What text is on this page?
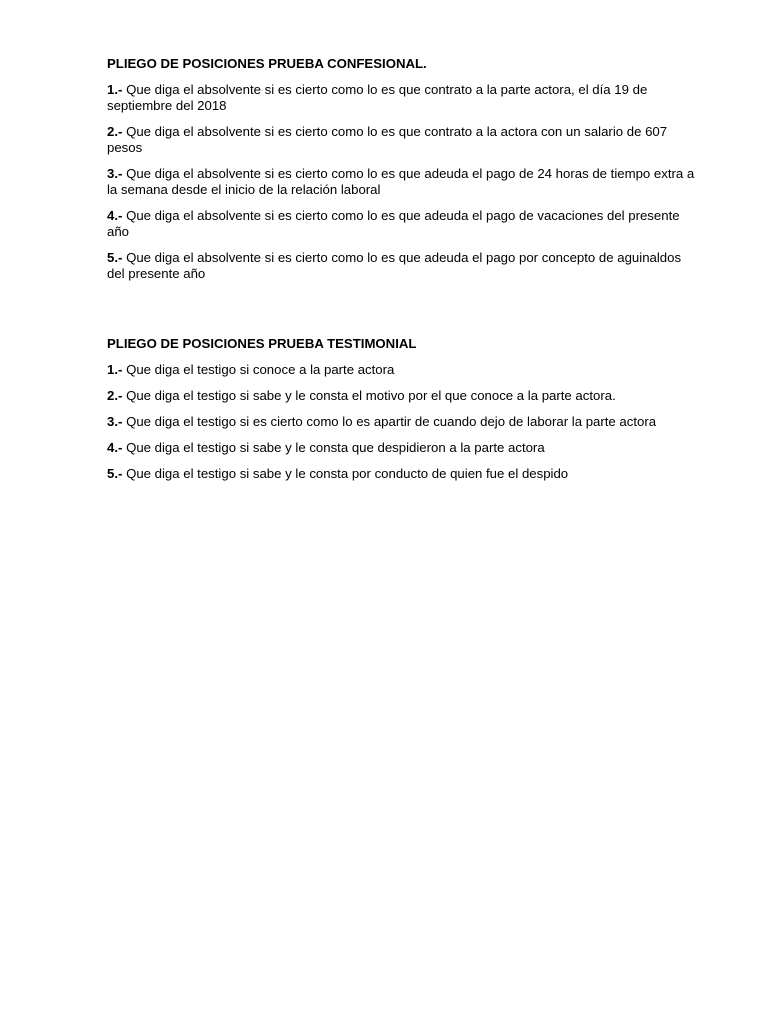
PLIEGO DE POSICIONES PRUEBA CONFESIONAL.

1.- Que diga el absolvente si es cierto como lo es que contrato a la parte actora, el día 19 de septiembre del 2018

2.- Que diga el absolvente si es cierto como lo es que contrato a la actora con un salario de 607 pesos

3.- Que diga el absolvente si es cierto como lo es que adeuda el pago de 24 horas de tiempo extra a la semana desde el inicio de la relación laboral

4.- Que diga el absolvente si es cierto como lo es que adeuda el pago de vacaciones del presente año

5.- Que diga el absolvente si es cierto como lo es que adeuda el pago por concepto de aguinaldos del presente año

PLIEGO DE POSICIONES PRUEBA TESTIMONIAL

1.- Que diga el testigo si conoce a la parte actora

2.- Que diga el testigo si sabe y le consta el motivo por el que conoce a la parte actora.

3.- Que diga el testigo si es cierto como lo es apartir de cuando dejo de laborar la parte actora

4.- Que diga el testigo si sabe y le consta que despidieron a la parte actora

5.- Que diga el testigo si sabe y le consta por conducto de quien fue el despido
